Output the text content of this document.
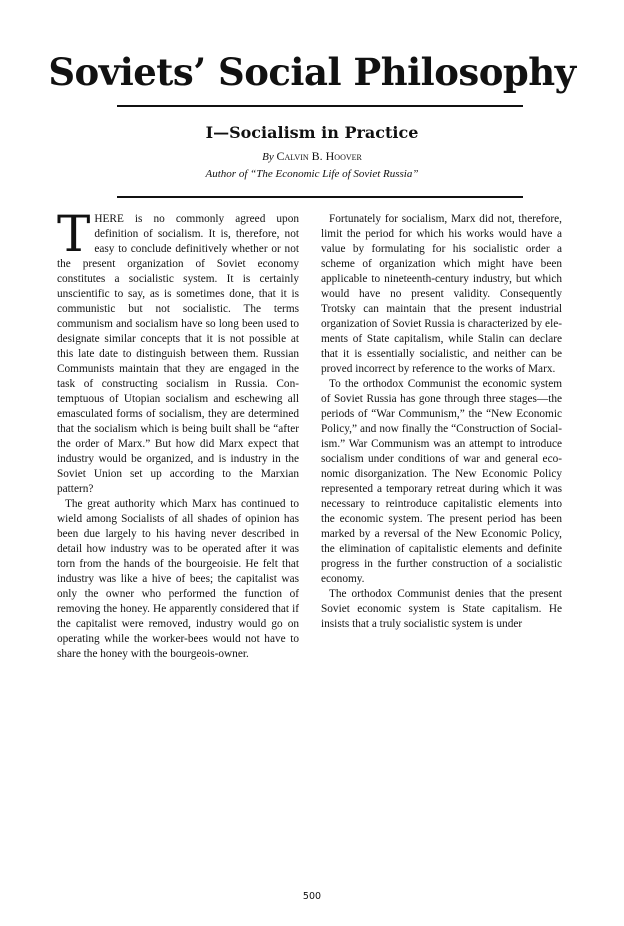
Soviets’ Social Philosophy
I—Socialism in Practice
By Calvin B. Hoover
Author of “The Economic Life of Soviet Russia”

THERE is no commonly agreed upon definition of socialism. It is, therefore, not easy to conclude definitively whether or not the present organization of Soviet economy constitutes a socialistic system. It is certainly unscientific to say, as is sometimes done, that it is communistic but not socialistic. The terms communism and socialism have so long been used to designate similar concepts that it is not possible at this late date to distinguish between them. Russian Communists maintain that they are engaged in the task of constructing socialism in Russia. Contemptuous of Utopian socialism and eschewing all emasculated forms of socialism, they are determined that the socialism which is being built shall be “after the order of Marx.” But how did Marx expect that industry would be organized, and is industry in the Soviet Union set up according to the Marxian pattern?

The great authority which Marx has continued to wield among Socialists of all shades of opinion has been due largely to his having never described in detail how industry was to be operated after it was torn from the hands of the bourgeoisie. He felt that industry was like a hive of bees; the capitalist was only the owner who performed the function of removing the honey. He apparently considered that if the capitalist were removed, industry would go on operating while the worker-bees would not have to share the honey with the bourgeois-owner.

Fortunately for socialism, Marx did not, therefore, limit the period for which his works would have a value by formulating for his socialistic order a scheme of organization which might have been applicable to nineteenth-century industry, but which would have no present validity. Consequently Trotsky can maintain that the present industrial organization of Soviet Russia is characterized by elements of State capitalism, while Stalin can declare that it is essentially socialistic, and neither can be proved incorrect by reference to the works of Marx.

To the orthodox Communist the economic system of Soviet Russia has gone through three stages—the periods of “War Communism,” the “New Economic Policy,” and now finally the “Construction of Socialism.” War Communism was an attempt to introduce socialism under conditions of war and general economic disorganization. The New Economic Policy represented a temporary retreat during which it was necessary to reintroduce capitalistic elements into the economic system. The present period has been marked by a reversal of the New Economic Policy, the elimination of capitalistic elements and definite progress in the further construction of a socialistic economy.

The orthodox Communist denies that the present Soviet economic system is State capitalism. He insists that a truly socialistic system is under

500
